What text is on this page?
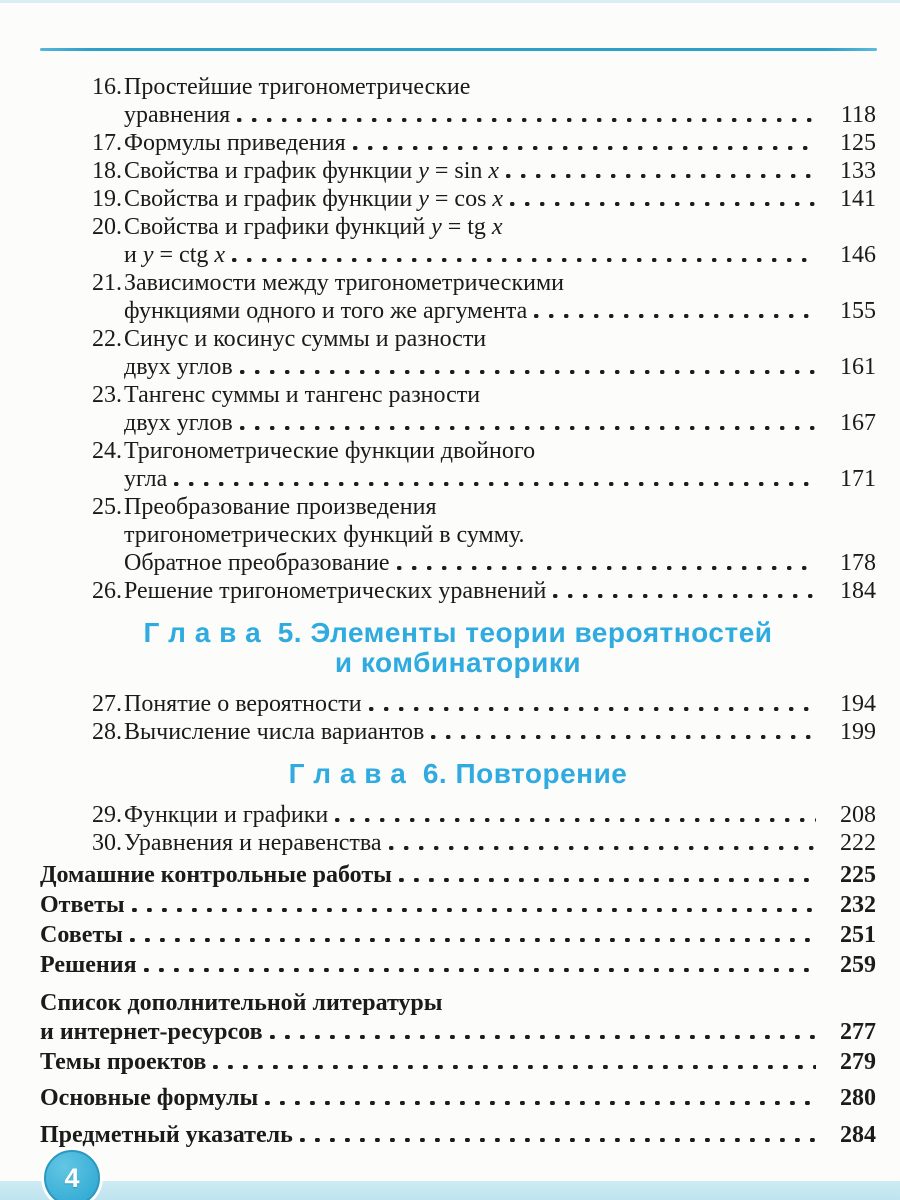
16. Простейшие тригонометрические
уравнения	118
17. Формулы приведения	125
18. Свойства и график функции y = sin x	133
19. Свойства и график функции y = cos x	141
20. Свойства и графики функций y = tg x
и y = ctg x	146
21. Зависимости между тригонометрическими
функциями одного и того же аргумента	155
22. Синус и косинус суммы и разности
двух углов	161
23. Тангенс суммы и тангенс разности
двух углов	167
24. Тригонометрические функции двойного
угла	171
25. Преобразование произведения
тригонометрических функций в сумму.
Обратное преобразование	178
26. Решение тригонометрических уравнений	184
Г л а в а  5. Элементы теории вероятностей
и комбинаторики
27. Понятие о вероятности	194
28. Вычисление числа вариантов	199
Г л а в а  6. Повторение
29. Функции и графики	208
30. Уравнения и неравенства	222
Домашние контрольные работы	225
Ответы	232
Советы	251
Решения	259
Список дополнительной литературы
и интернет-ресурсов	277
Темы проектов	279
Основные формулы	280
Предметный указатель	284
4
